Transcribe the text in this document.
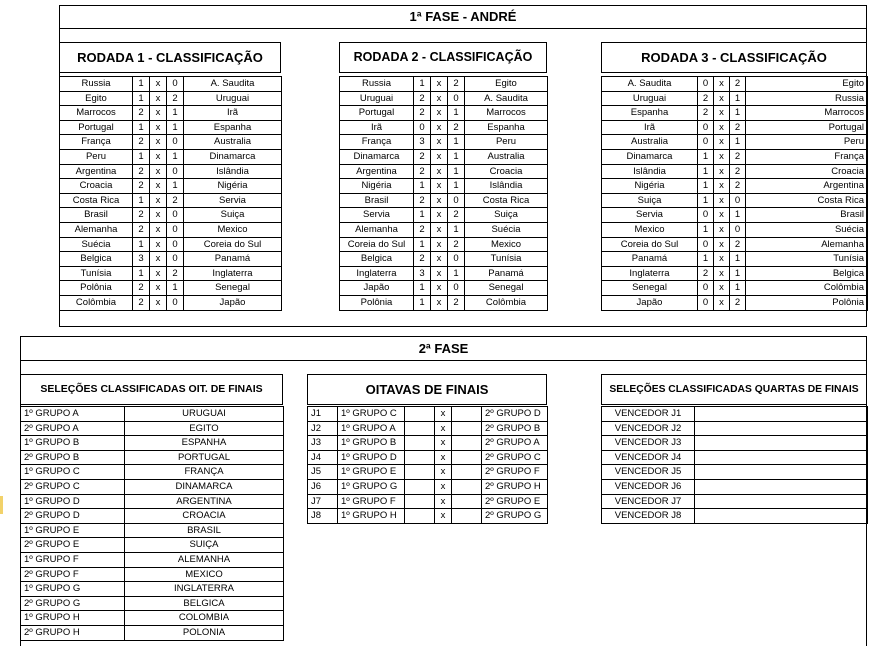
1ª FASE - ANDRÉ
RODADA 1 - CLASSIFICAÇÃO
Russia	1	x	0	A. Saudita
Egito	1	x	2	Uruguai
Marrocos	2	x	1	Irã
Portugal	1	x	1	Espanha
França	2	x	0	Australia
Peru	1	x	1	Dinamarca
Argentina	2	x	0	Islândia
Croacia	2	x	1	Nigéria
Costa Rica	1	x	2	Servia
Brasil	2	x	0	Suiça
Alemanha	2	x	0	Mexico
Suécia	1	x	0	Coreia do Sul
Belgica	3	x	0	Panamá
Tunísia	1	x	2	Inglaterra
Polônia	2	x	1	Senegal
Colômbia	2	x	0	Japão
RODADA 2 - CLASSIFICAÇÃO
Russia	1	x	2	Egito
Uruguai	2	x	0	A. Saudita
Portugal	2	x	1	Marrocos
Irã	0	x	2	Espanha
França	3	x	1	Peru
Dinamarca	2	x	1	Australia
Argentina	2	x	1	Croacia
Nigéria	1	x	1	Islândia
Brasil	2	x	0	Costa Rica
Servia	1	x	2	Suiça
Alemanha	2	x	1	Suécia
Coreia do Sul	1	x	2	Mexico
Belgica	2	x	0	Tunísia
Inglaterra	3	x	1	Panamá
Japão	1	x	0	Senegal
Polônia	1	x	2	Colômbia
RODADA 3 - CLASSIFICAÇÃO
A. Saudita	0	x	2	Egito
Uruguai	2	x	1	Russia
Espanha	2	x	1	Marrocos
Irã	0	x	2	Portugal
Australia	0	x	1	Peru
Dinamarca	1	x	2	França
Islândia	1	x	2	Croacia
Nigéria	1	x	2	Argentina
Suiça	1	x	0	Costa Rica
Servia	0	x	1	Brasil
Mexico	1	x	0	Suécia
Coreia do Sul	0	x	2	Alemanha
Panamá	1	x	1	Tunísia
Inglaterra	2	x	1	Belgica
Senegal	0	x	1	Colômbia
Japão	0	x	2	Polônia
2ª FASE
SELEÇÕES CLASSIFICADAS OIT. DE FINAIS
1º GRUPO A	URUGUAI
2º GRUPO A	EGITO
1º GRUPO B	ESPANHA
2º GRUPO B	PORTUGAL
1º GRUPO C	FRANÇA
2º GRUPO C	DINAMARCA
1º GRUPO D	ARGENTINA
2º GRUPO D	CROACIA
1º GRUPO E	BRASIL
2º GRUPO E	SUIÇA
1º GRUPO F	ALEMANHA
2º GRUPO F	MEXICO
1º GRUPO G	INGLATERRA
2º GRUPO G	BELGICA
1º GRUPO H	COLOMBIA
2º GRUPO H	POLONIA
OITAVAS DE FINAIS
J1	1º GRUPO C		x		2º GRUPO D
J2	1º GRUPO A		x		2º GRUPO B
J3	1º GRUPO B		x		2º GRUPO A
J4	1º GRUPO D		x		2º GRUPO C
J5	1º GRUPO E		x		2º GRUPO F
J6	1º GRUPO G		x		2º GRUPO H
J7	1º GRUPO F		x		2º GRUPO E
J8	1º GRUPO H		x		2º GRUPO G
SELEÇÕES CLASSIFICADAS QUARTAS DE FINAIS
VENCEDOR J1	
VENCEDOR J2	
VENCEDOR J3	
VENCEDOR J4	
VENCEDOR J5	
VENCEDOR J6	
VENCEDOR J7	
VENCEDOR J8	
